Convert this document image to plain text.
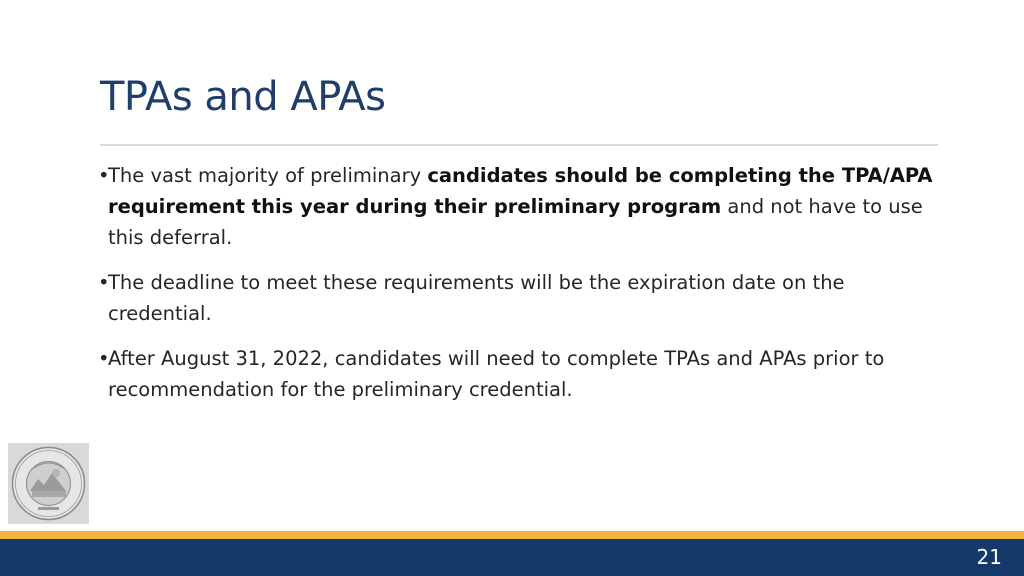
TPAs and APAs
•
The vast majority of preliminary candidates should be completing the TPA/APA requirement this year during their preliminary program and not have to use this deferral.
•
The deadline to meet these requirements will be the expiration date on the credential.
•
After August 31, 2022, candidates will need to complete TPAs and APAs prior to recommendation for the preliminary credential.
21
